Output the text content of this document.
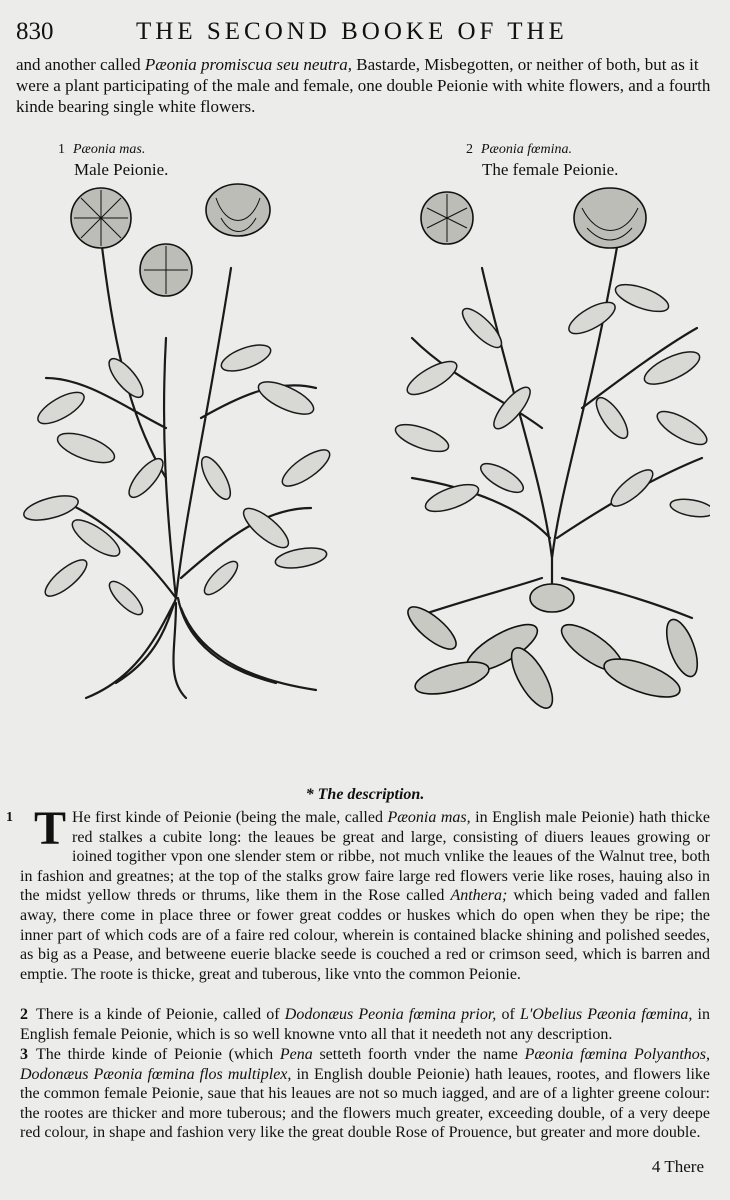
830	THE SECOND BOOKE OF THE
and another called Pæonia promiscua seu neutra, Bastarde, Misbegotten, or neither of both, but as it were a plant participating of the male and female, one double Peionie with white flowers, and a fourth kinde bearing single white flowers.
1 Pæonia mas.
Male Peionie.
2 Pæonia fœmina.
The female Peionie.
* The description.
1 T He first kinde of Peionie (being the male, called Pæonia mas, in English male Peionie) hath thicke red stalkes a cubite long: the leaues be great and large, consisting of diuers leaues growing or ioined togither vpon one slender stem or ribbe, not much vnlike the leaues of the Walnut tree, both in fashion and greatnes; at the top of the stalks grow faire large red flowers verie like roses, hauing also in the midst yellow threds or thrums, like them in the Rose called Anthera; which being vaded and fallen away, there come in place three or fower great coddes or huskes which do open when they be ripe; the inner part of which cods are of a faire red colour, wherein is contained blacke shining and polished seedes, as big as a Pease, and betweene euerie blacke seede is couched a red or crimson seed, which is barren and emptie. The roote is thicke, great and tuberous, like vnto the common Peionie.
2 There is a kinde of Peionie, called of Dodonæus Peonia fœmina prior, of L'Obelius Pæonia fœmina, in English female Peionie, which is so well knowne vnto all that it needeth not any description.
3 The thirde kinde of Peionie (which Pena setteth foorth vnder the name Pæonia fœmina Polyanthos, Dodonæus Pæonia fœmina flos multiplex, in English double Peionie) hath leaues, rootes, and flowers like the common female Peionie, saue that his leaues are not so much iagged, and are of a lighter greene colour: the rootes are thicker and more tuberous; and the flowers much greater, exceeding double, of a very deepe red colour, in shape and fashion very like the great double Rose of Prouence, but greater and more double.
4 There
